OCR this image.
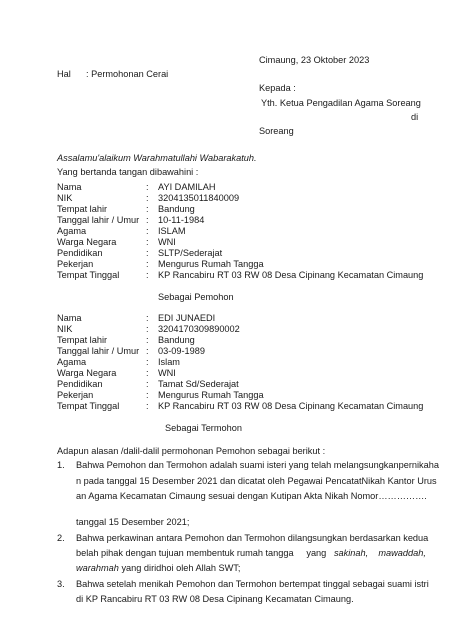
Cimaung, 23 Oktober 2023
Hal : Permohonan Cerai
Kepada :
Yth. Ketua Pengadilan Agama Soreang
di
Soreang
Assalamu'alaikum Warahmatullahi Wabarakatuh.
Yang bertanda tangan dibawahini :
Nama	: AYI DAMILAH
NIK	: 3204135011840009
Tempat lahir	: Bandung
Tanggal lahir / Umur : 10-11-1984
Agama	: ISLAM
Warga Negara	: WNI
Pendidikan	: SLTP/Sederajat
Pekerjan	: Mengurus Rumah Tangga
Tempat Tinggal	: KP Rancabiru RT 03 RW 08 Desa Cipinang Kecamatan Cimaung
Sebagai Pemohon
Nama	: EDI JUNAEDI
NIK	: 3204170309890002
Tempat lahir	: Bandung
Tanggal lahir / Umur : 03-09-1989
Agama	: Islam
Warga Negara	: WNI
Pendidikan	: Tamat Sd/Sederajat
Pekerjan	: Mengurus Rumah Tangga
Tempat Tinggal	: KP Rancabiru RT 03 RW 08 Desa Cipinang Kecamatan Cimaung
Sebagai Termohon
Adapun alasan /dalil-dalil permohonan Pemohon sebagai berikut :
1. Bahwa Pemohon dan Termohon adalah suami isteri yang telah melangsungkanpernikaha
n pada tanggal 15 Desember 2021 dan dicatat oleh Pegawai PencatatNikah Kantor Urus
an Agama Kecamatan Cimaung sesuai dengan Kutipan Akta Nikah Nomor…………….
tanggal 15 Desember 2021;
2. Bahwa perkawinan antara Pemohon dan Termohon dilangsungkan berdasarkan kedua
belah pihak dengan tujuan membentuk rumah tangga     yang   sakinah,    mawaddah,
warahmah yang diridhoi oleh Allah SWT;
3. Bahwa setelah menikah Pemohon dan Termohon bertempat tinggal sebagai suami istri
di KP Rancabiru RT 03 RW 08 Desa Cipinang Kecamatan Cimaung.
